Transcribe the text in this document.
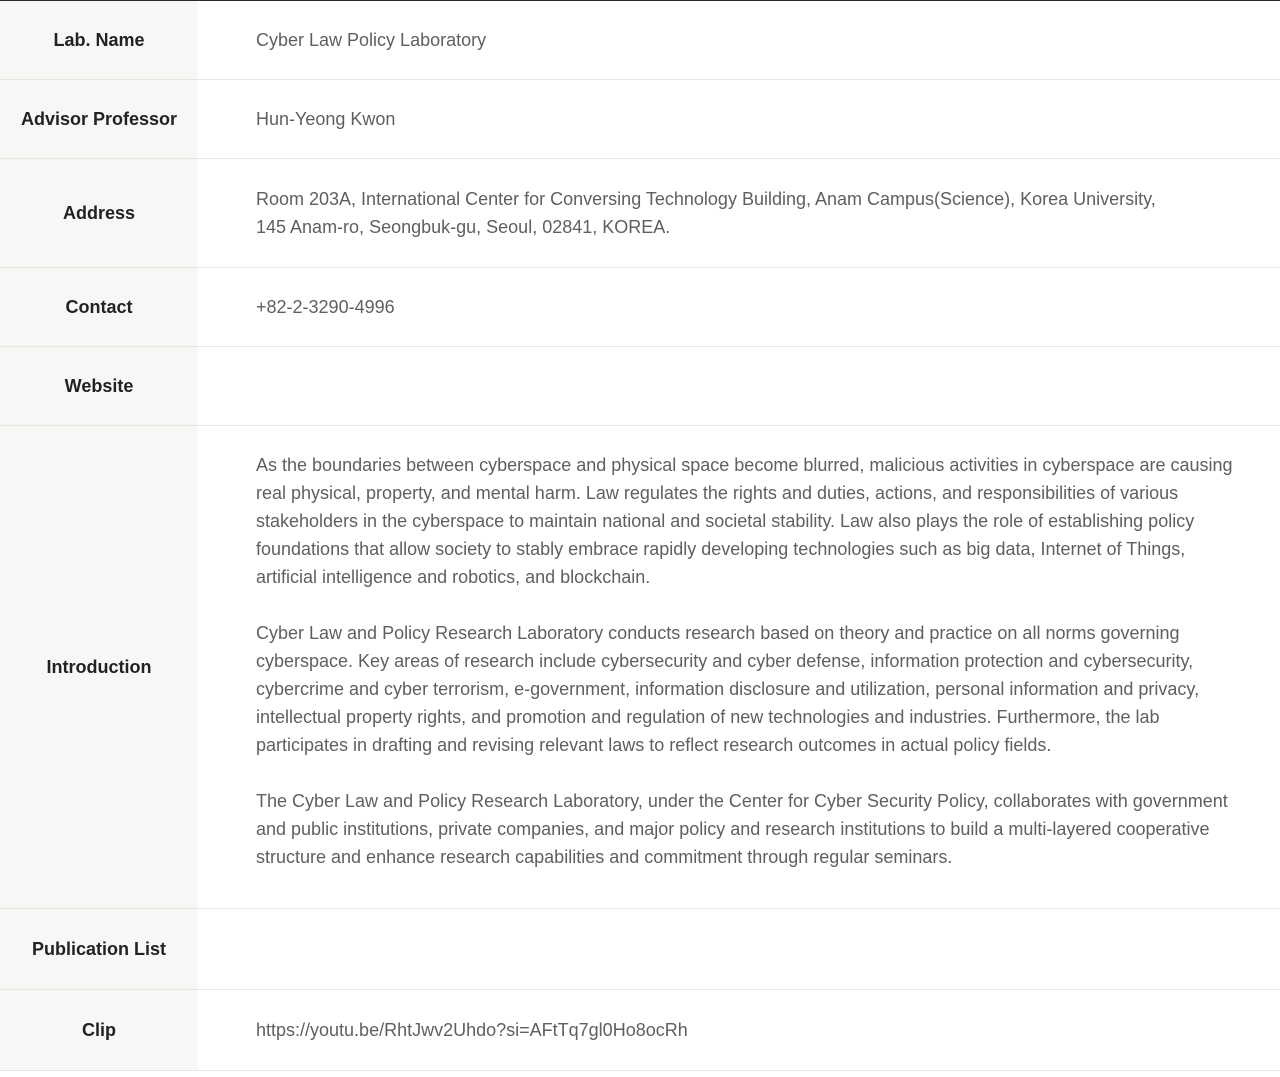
Lab. Name	Cyber Law Policy Laboratory
Advisor Professor	Hun-Yeong Kwon
Address	Room 203A, International Center for Conversing Technology Building, Anam Campus(Science), Korea University,
145 Anam-ro, Seongbuk-gu, Seoul, 02841, KOREA.

Contact	+82-2-3290-4996
Website	
Introduction	As the boundaries between cyberspace and physical space become blurred, malicious activities in cyberspace are causing real physical, property, and mental harm. Law regulates the rights and duties, actions, and responsibilities of various stakeholders in the cyberspace to maintain national and societal stability. Law also plays the role of establishing policy foundations that allow society to stably embrace rapidly developing technologies such as big data, Internet of Things, artificial intelligence and robotics, and blockchain.

Cyber Law and Policy Research Laboratory conducts research based on theory and practice on all norms governing cyberspace. Key areas of research include cybersecurity and cyber defense, information protection and cybersecurity, cybercrime and cyber terrorism, e-government, information disclosure and utilization, personal information and privacy, intellectual property rights, and promotion and regulation of new technologies and industries. Furthermore, the lab participates in drafting and revising relevant laws to reflect research outcomes in actual policy fields.

The Cyber Law and Policy Research Laboratory, under the Center for Cyber Security Policy, collaborates with government and public institutions, private companies, and major policy and research institutions to build a multi-layered cooperative structure and enhance research capabilities and commitment through regular seminars.

Publication List	
Clip	https://youtu.be/RhtJwv2Uhdo?si=AFtTq7gl0Ho8ocRh
